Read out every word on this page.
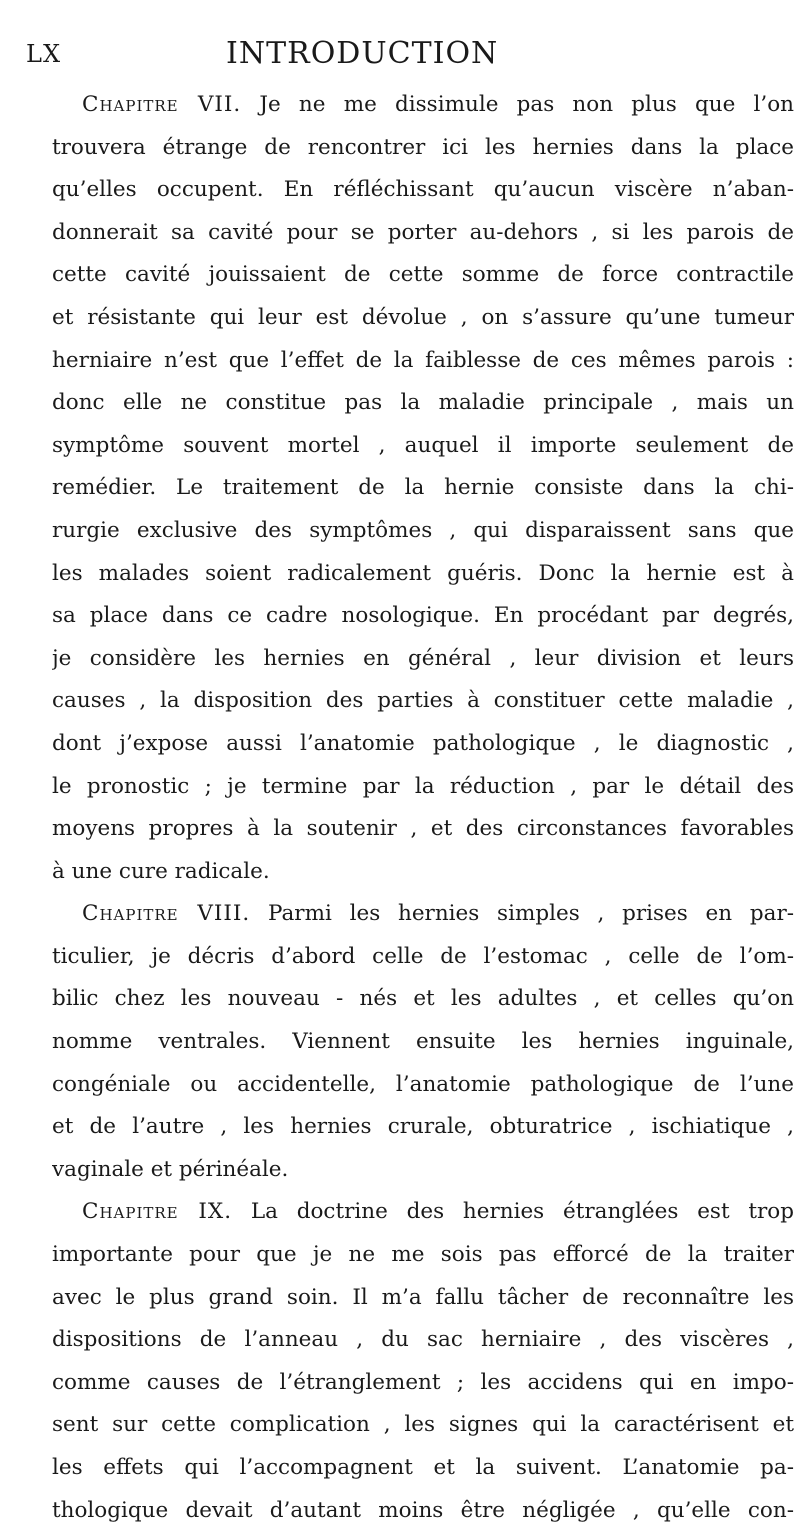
LX	INTRODUCTION
Chapitre VII. Je ne me dissimule pas non plus que l’on
trouvera étrange de rencontrer ici les hernies dans la place
qu’elles occupent. En réfléchissant qu’aucun viscère n’aban-
donnerait sa cavité pour se porter au-dehors , si les parois de
cette cavité jouissaient de cette somme de force contractile
et résistante qui leur est dévolue , on s’assure qu’une tumeur
herniaire n’est que l’effet de la faiblesse de ces mêmes parois :
donc elle ne constitue pas la maladie principale , mais un
symptôme souvent mortel , auquel il importe seulement de
remédier. Le traitement de la hernie consiste dans la chi-
rurgie exclusive des symptômes , qui disparaissent sans que
les malades soient radicalement guéris. Donc la hernie est à
sa place dans ce cadre nosologique. En procédant par degrés,
je considère les hernies en général , leur division et leurs
causes , la disposition des parties à constituer cette maladie ,
dont j’expose aussi l’anatomie pathologique , le diagnostic ,
le pronostic ; je termine par la réduction , par le détail des
moyens propres à la soutenir , et des circonstances favorables
à une cure radicale.
Chapitre VIII. Parmi les hernies simples , prises en par-
ticulier, je décris d’abord celle de l’estomac , celle de l’om-
bilic chez les nouveau - nés et les adultes , et celles qu’on
nomme ventrales. Viennent ensuite les hernies inguinale,
congéniale ou accidentelle, l’anatomie pathologique de l’une
et de l’autre , les hernies crurale, obturatrice , ischiatique ,
vaginale et périnéale.
Chapitre IX. La doctrine des hernies étranglées est trop
importante pour que je ne me sois pas efforcé de la traiter
avec le plus grand soin. Il m’a fallu tâcher de reconnaître les
dispositions de l’anneau , du sac herniaire , des viscères ,
comme causes de l’étranglement ; les accidens qui en impo-
sent sur cette complication , les signes qui la caractérisent et
les effets qui l’accompagnent et la suivent. L’anatomie pa-
thologique devait d’autant moins être négligée , qu’elle con-
